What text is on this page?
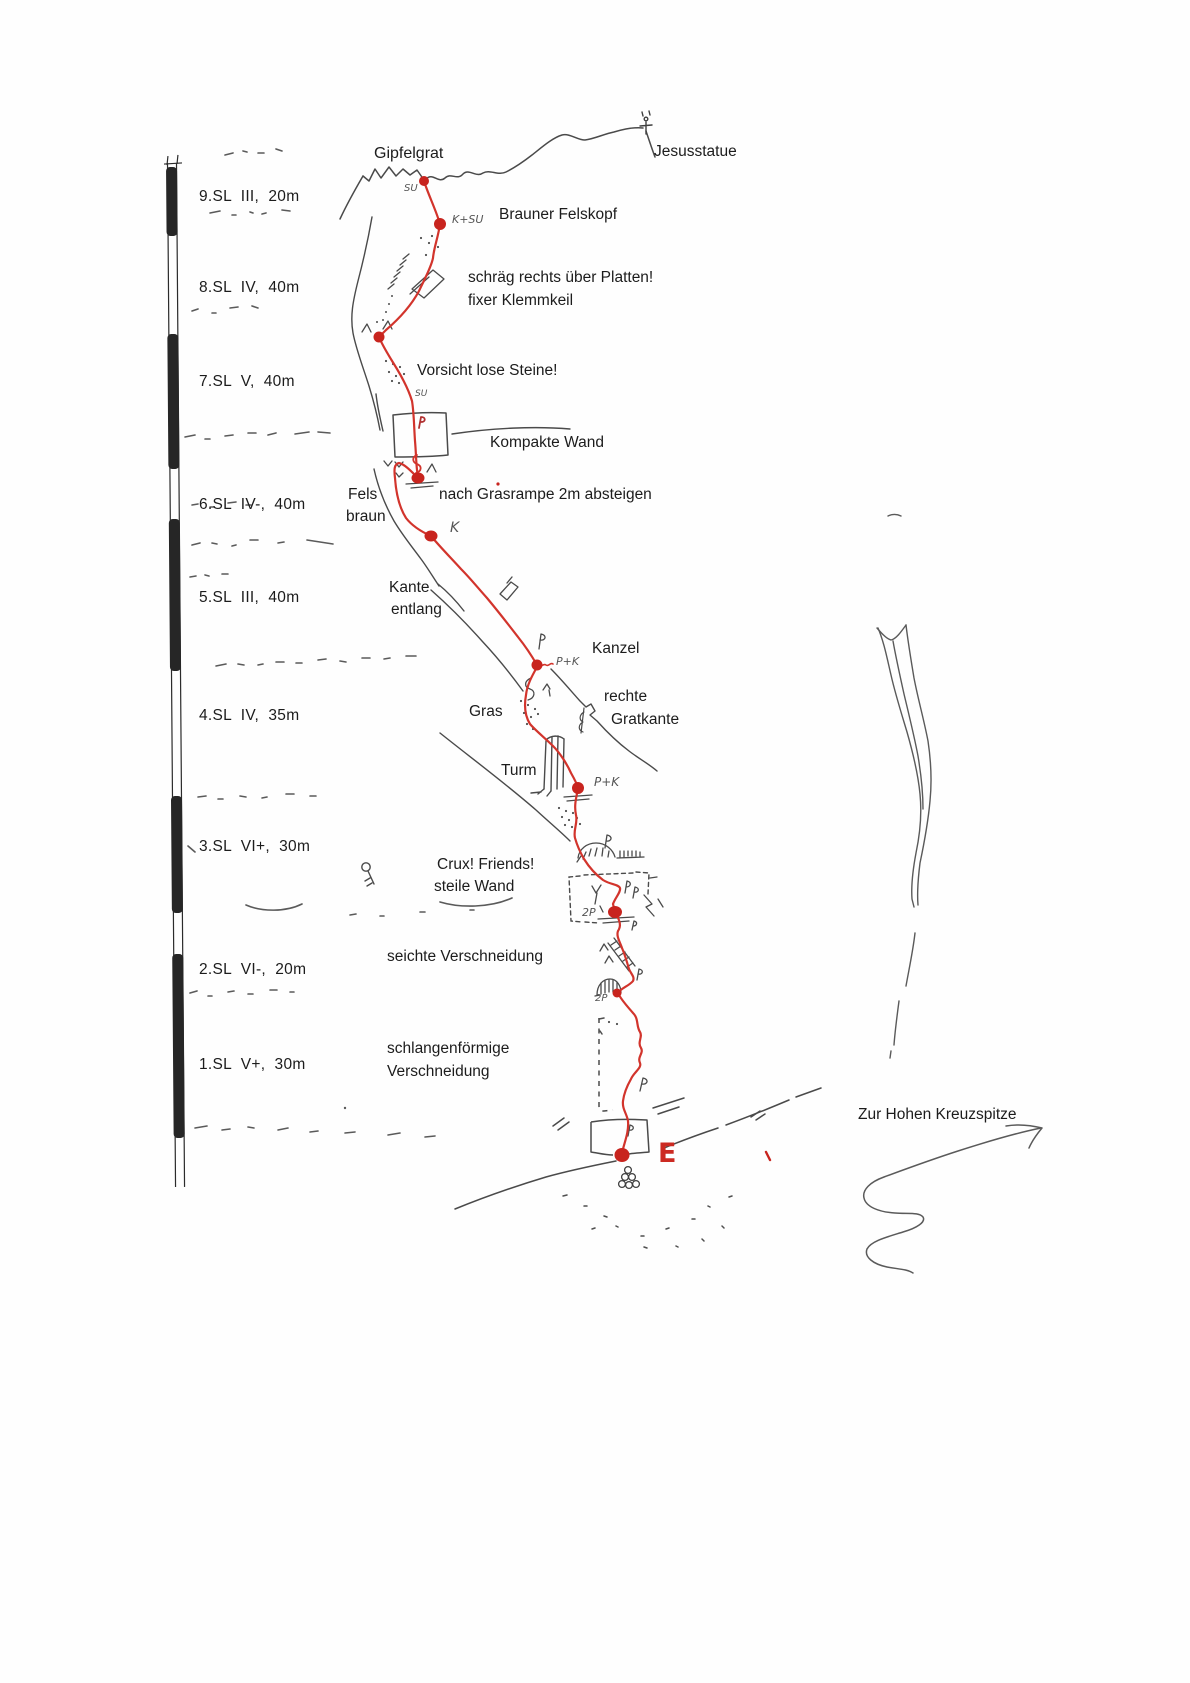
9.SL  III,  20m
8.SL  IV,  40m
7.SL  V,  40m
6.SL  IV-,  40m
5.SL  III,  40m
4.SL  IV,  35m
3.SL  VI+,  30m
2.SL  VI-,  20m
1.SL  V+,  30m
Gipfelgrat	Jesusstatue
Brauner Felskopf
schräg rechts über Platten!
fixer Klemmkeil
Vorsicht lose Steine!
Kompakte Wand
nach Grasrampe 2m absteigen
Fels
braun
Kante
entlang
Kanzel
rechte
Gratkante
Gras
Turm
Crux! Friends!
steile Wand
seichte Verschneidung
schlangenförmige
Verschneidung
Zur Hohen Kreuzspitze
SU
K+SU
SU
K
P+K
P+K
2P
2P
E
